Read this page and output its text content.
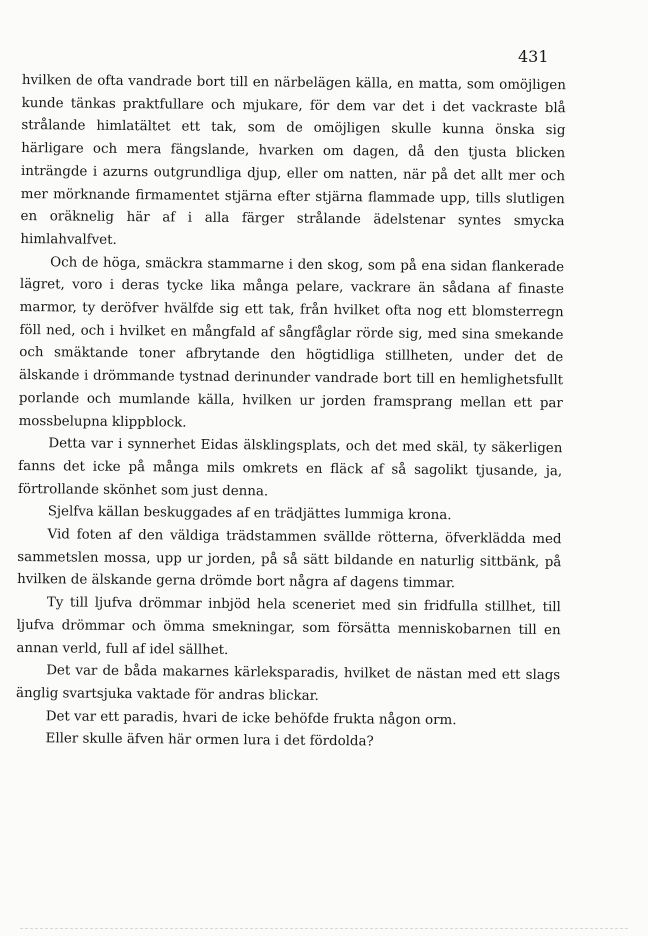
431

hvilken de ofta vandrade bort till en närbelägen källa, en matta, som omöjligen kunde tänkas praktfullare och mjukare, för dem var det i det vackraste blå strålande himlatältet ett tak, som de omöjligen skulle kunna önska sig härligare och mera fängslande, hvarken om dagen, då den tjusta blicken inträngde i azurns outgrundliga djup, eller om natten, när på det allt mer och mer mörknande firmamentet stjärna efter stjärna flammade upp, tills slutligen en oräknelig här af i alla färger strålande ädelstenar syntes smycka himlahvalfvet.

Och de höga, smäckra stammarne i den skog, som på ena sidan flankerade lägret, voro i deras tycke lika många pelare, vackrare än sådana af finaste marmor, ty deröfver hvälfde sig ett tak, från hvilket ofta nog ett blomsterregn föll ned, och i hvilket en mångfald af sångfåglar rörde sig, med sina smekande och smäktande toner afbrytande den högtidliga stillheten, under det de älskande i drömmande tystnad derinunder vandrade bort till en hemlighetsfullt porlande och mumlande källa, hvilken ur jorden framsprang mellan ett par mossbelupna klippblock.

Detta var i synnerhet Eidas älsklingsplats, och det med skäl, ty säkerligen fanns det icke på många mils omkrets en fläck af så sagolikt tjusande, ja, förtrollande skönhet som just denna.

Sjelfva källan beskuggades af en trädjättes lummiga krona.

Vid foten af den väldiga trädstammen svällde rötterna, öfverklädda med sammetslen mossa, upp ur jorden, på så sätt bildande en naturlig sittbänk, på hvilken de älskande gerna drömde bort några af dagens timmar.

Ty till ljufva drömmar inbjöd hela sceneriet med sin fridfulla stillhet, till ljufva drömmar och ömma smekningar, som försätta menniskobarnen till en annan verld, full af idel sällhet.

Det var de båda makarnes kärleksparadis, hvilket de nästan med ett slags änglig svartsjuka vaktade för andras blickar.

Det var ett paradis, hvari de icke behöfde frukta någon orm.

Eller skulle äfven här ormen lura i det fördolda?
